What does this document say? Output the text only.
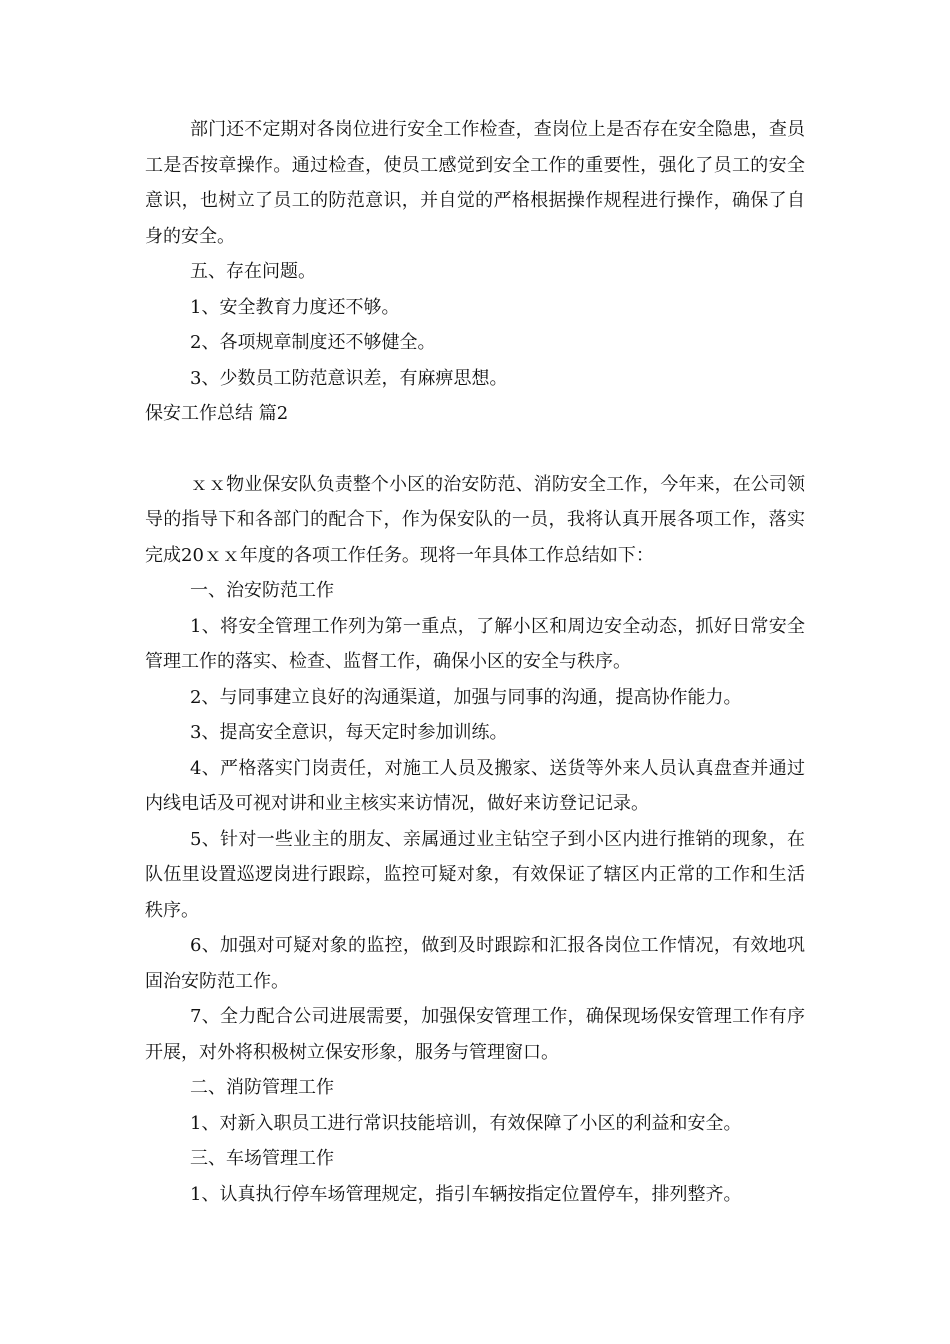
部门还不定期对各岗位进行安全工作检查，查岗位上是否存在安全隐患，查员工是否按章操作。通过检查，使员工感觉到安全工作的重要性，强化了员工的安全意识，也树立了员工的防范意识，并自觉的严格根据操作规程进行操作，确保了自身的安全。

五、存在问题。

1、安全教育力度还不够。

2、各项规章制度还不够健全。

3、少数员工防范意识差，有麻痹思想。

保安工作总结 篇2

ｘｘ物业保安队负责整个小区的治安防范、消防安全工作，今年来，在公司领导的指导下和各部门的配合下，作为保安队的一员，我将认真开展各项工作，落实完成20ｘｘ年度的各项工作任务。现将一年具体工作总结如下：

一、治安防范工作

1、将安全管理工作列为第一重点，了解小区和周边安全动态，抓好日常安全管理工作的落实、检查、监督工作，确保小区的安全与秩序。

2、与同事建立良好的沟通渠道，加强与同事的沟通，提高协作能力。

3、提高安全意识，每天定时参加训练。

4、严格落实门岗责任，对施工人员及搬家、送货等外来人员认真盘查并通过内线电话及可视对讲和业主核实来访情况，做好来访登记记录。

5、针对一些业主的朋友、亲属通过业主钻空子到小区内进行推销的现象，在队伍里设置巡逻岗进行跟踪，监控可疑对象，有效保证了辖区内正常的工作和生活秩序。

6、加强对可疑对象的监控，做到及时跟踪和汇报各岗位工作情况，有效地巩固治安防范工作。

7、全力配合公司进展需要，加强保安管理工作，确保现场保安管理工作有序开展，对外将积极树立保安形象，服务与管理窗口。

二、消防管理工作

1、对新入职员工进行常识技能培训，有效保障了小区的利益和安全。

三、车场管理工作

1、认真执行停车场管理规定，指引车辆按指定位置停车，排列整齐。
